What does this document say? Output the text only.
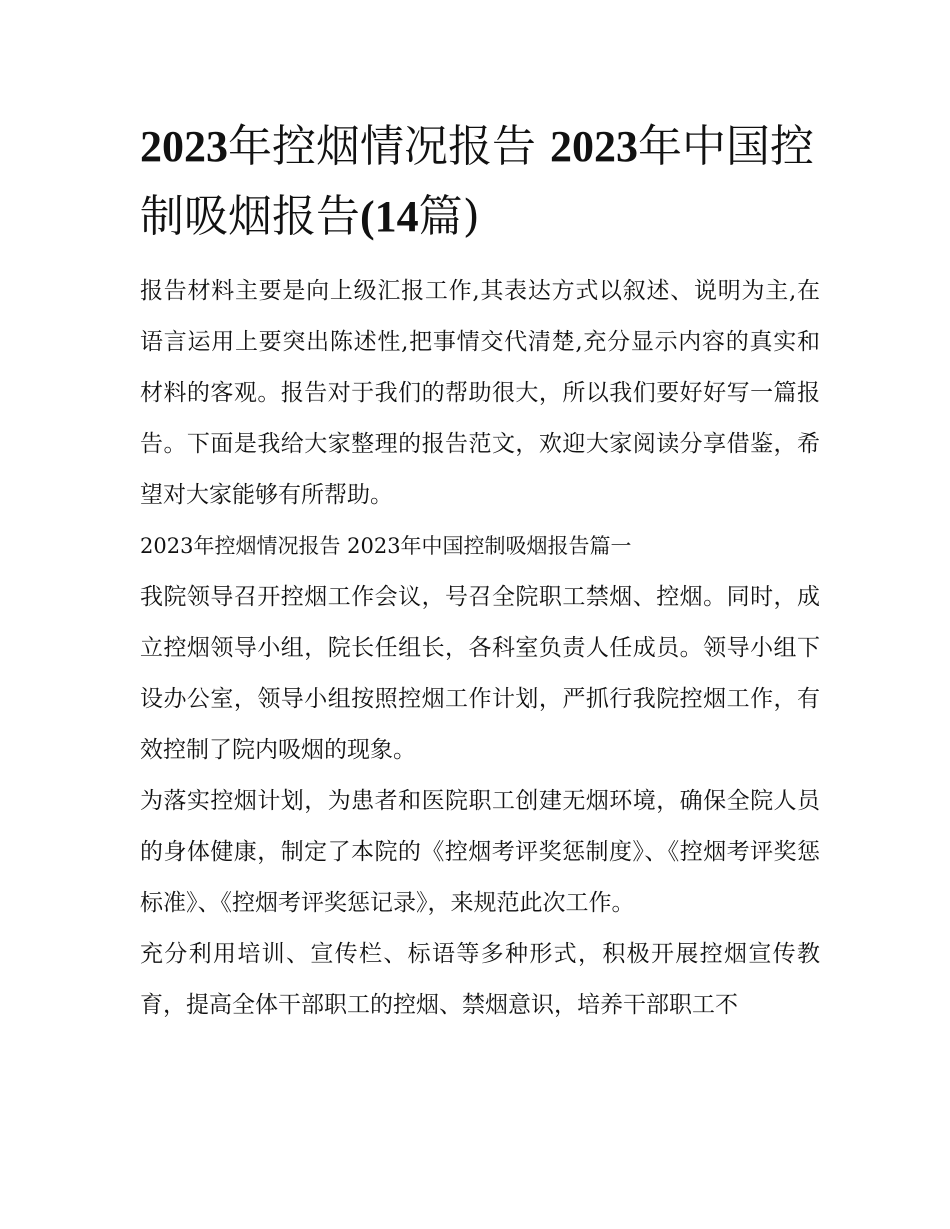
2023年控烟情况报告 2023年中国控制吸烟报告(14篇)

报告材料主要是向上级汇报工作,其表达方式以叙述、说明为主,在语言运用上要突出陈述性,把事情交代清楚,充分显示内容的真实和材料的客观。报告对于我们的帮助很大，所以我们要好好写一篇报告。下面是我给大家整理的报告范文，欢迎大家阅读分享借鉴，希望对大家能够有所帮助。

2023年控烟情况报告 2023年中国控制吸烟报告篇一

我院领导召开控烟工作会议，号召全院职工禁烟、控烟。同时，成立控烟领导小组，院长任组长，各科室负责人任成员。领导小组下设办公室，领导小组按照控烟工作计划，严抓行我院控烟工作，有效控制了院内吸烟的现象。

为落实控烟计划，为患者和医院职工创建无烟环境，确保全院人员的身体健康，制定了本院的《控烟考评奖惩制度》、《控烟考评奖惩标准》、《控烟考评奖惩记录》，来规范此次工作。

充分利用培训、宣传栏、标语等多种形式，积极开展控烟宣传教育，提高全体干部职工的控烟、禁烟意识，培养干部职工不
